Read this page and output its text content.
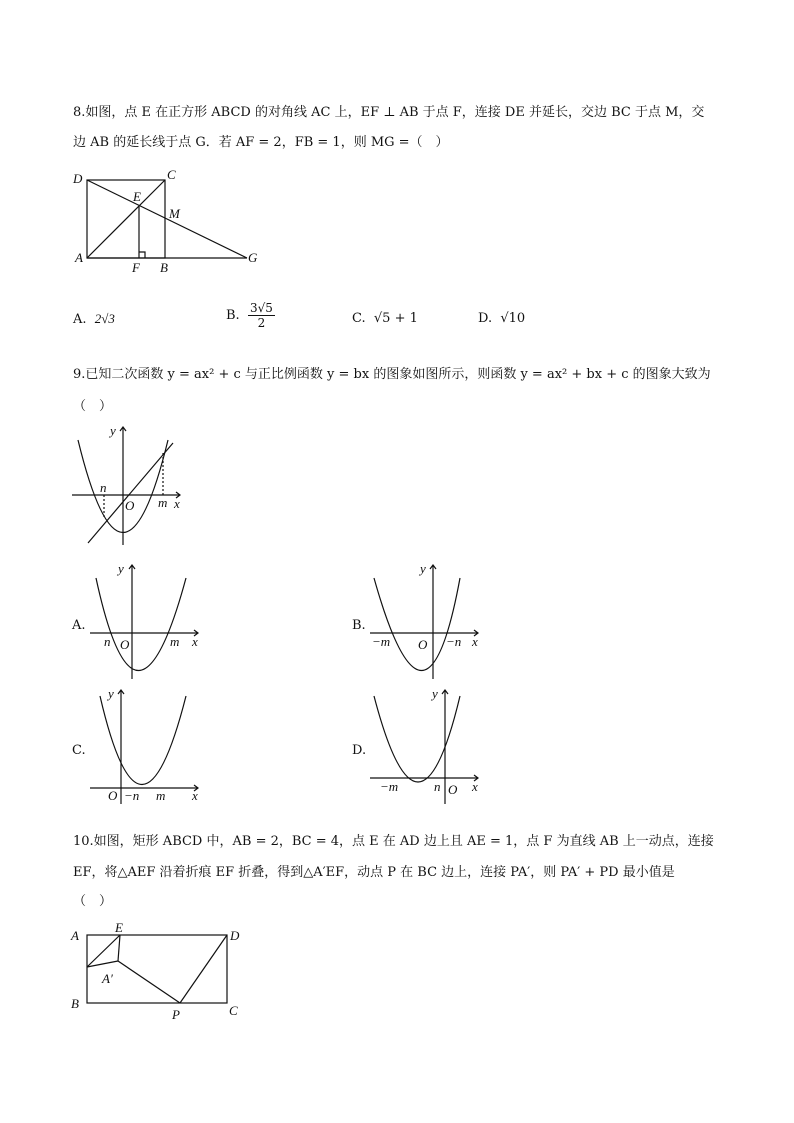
8.如图，点 E 在正方形 ABCD 的对角线 AC 上，EF ⊥ AB 于点 F，连接 DE 并延长，交边 BC 于点 M，交
边 AB 的延长线于点 G．若 AF = 2，FB = 1，则 MG =（　）
D	C
E
M
A
F B
G
A. 2√3	B. $\frac{3√5}{2}$	C. √5 + 1	D. √10
9.已知二次函数 y = ax² + c 与正比例函数 y = bx 的图象如图所示，则函数 y = ax² + bx + c 的图象大致为
（　）
y
x
O
n
m
A.
y
x
n O	m
B.
y
x
−m O −n
C.
y
x
O −n m
D.
y
x
−m	n O
10.如图，矩形 ABCD 中，AB = 2，BC = 4，点 E 在 AD 边上且 AE = 1，点 F 为直线 AB 上一动点，连接
EF，将△AEF 沿着折痕 EF 折叠，得到△A′EF，动点 P 在 BC 边上，连接 PA′，则 PA′ + PD 最小值是
（　）
A
E
D
A′
B
P	C
